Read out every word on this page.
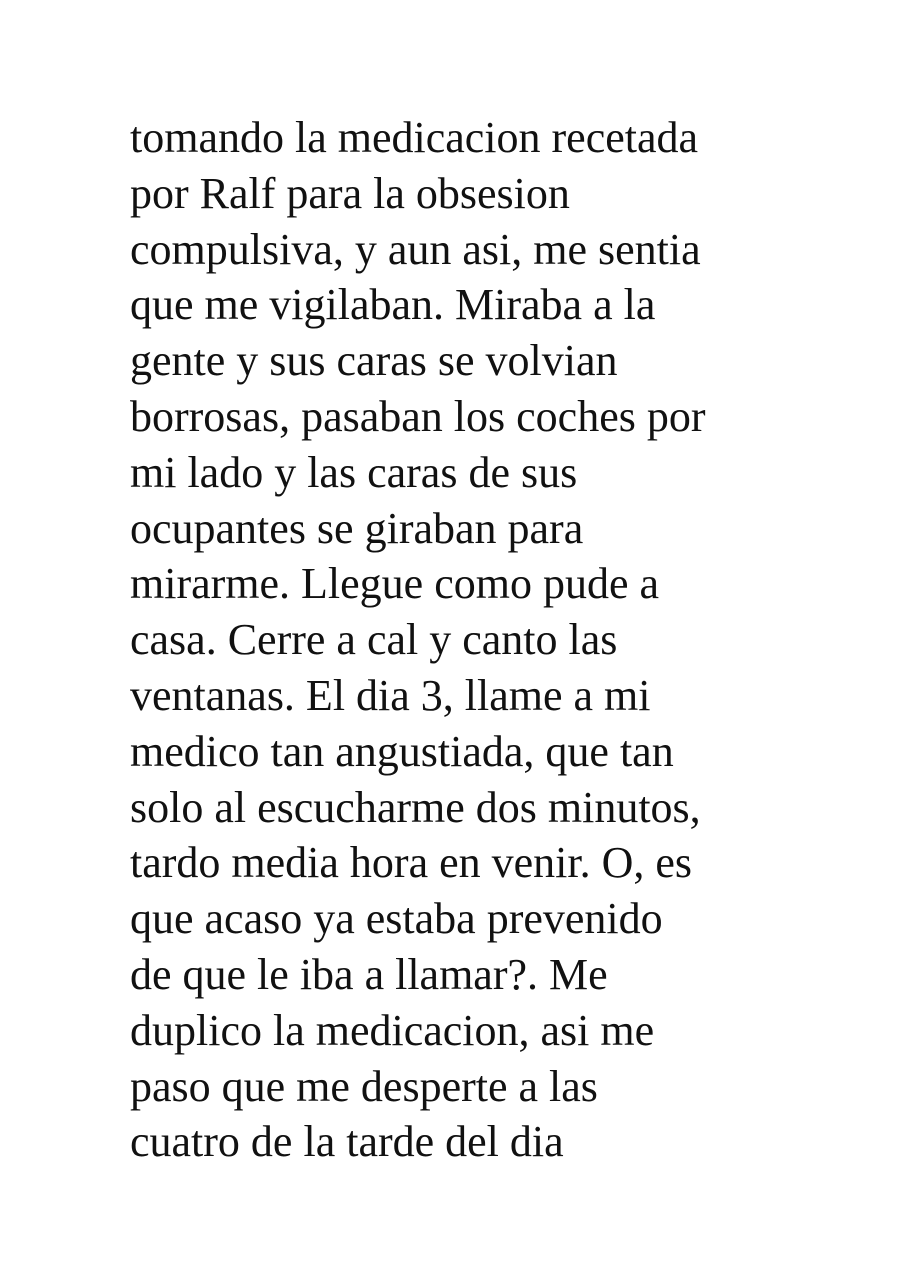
tomando la medicacion recetada
por Ralf para la obsesion
compulsiva, y aun asi, me sentia
que me vigilaban. Miraba a la
gente y sus caras se volvian
borrosas, pasaban los coches por
mi lado y las caras de sus
ocupantes se giraban para
mirarme. Llegue como pude a
casa. Cerre a cal y canto las
ventanas. El dia 3, llame a mi
medico tan angustiada, que tan
solo al escucharme dos minutos,
tardo media hora en venir. O, es
que acaso ya estaba prevenido
de que le iba a llamar?. Me
duplico la medicacion, asi me
paso que me desperte a las
cuatro de la tarde del dia
